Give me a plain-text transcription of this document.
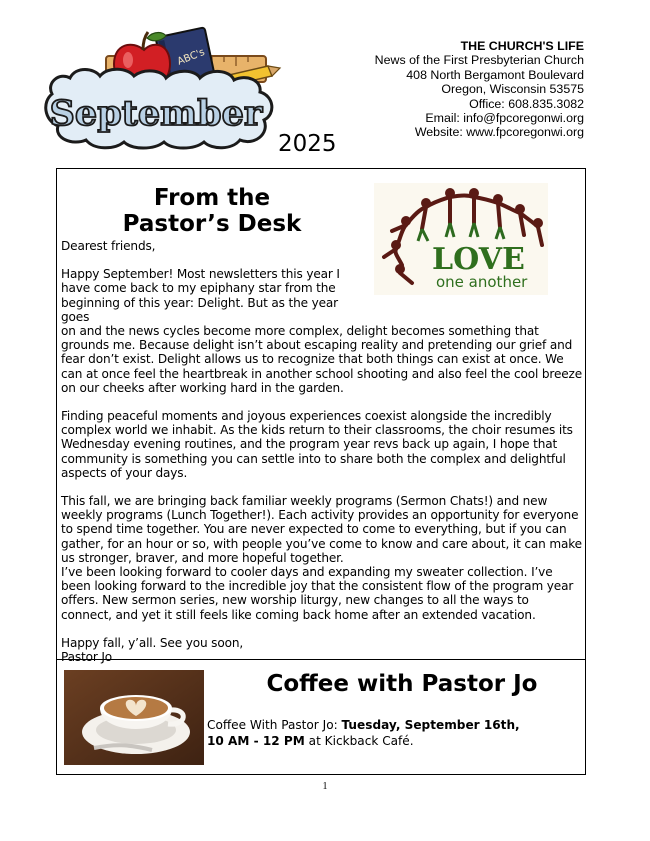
ABC's
September
2025
THE CHURCH'S LIFE
News of the First Presbyterian Church
408 North Bergamont Boulevard
Oregon, Wisconsin 53575
Office: 608.835.3082
Email: info@fpcoregonwi.org
Website: www.fpcoregonwi.org
From the
Pastor’s Desk
LOVE
one another

Dearest friends,

Happy September! Most newsletters this year I have come back to my epiphany star from the beginning of this year: Delight. But as the year goes

on and the news cycles become more complex, delight becomes something that grounds me. Because delight isn’t about escaping reality and pretending our grief and fear don’t exist. Delight allows us to recognize that both things can exist at once. We can at once feel the heartbreak in another school shooting and also feel the cool breeze on our cheeks after working hard in the garden.

Finding peaceful moments and joyous experiences coexist alongside the incredibly complex world we inhabit. As the kids return to their classrooms, the choir resumes its Wednesday evening routines, and the program year revs back up again, I hope that community is something you can settle into to share both the complex and delightful aspects of your days.

This fall, we are bringing back familiar weekly programs (Sermon Chats!) and new weekly programs (Lunch Together!). Each activity provides an opportunity for everyone to spend time together. You are never expected to come to everything, but if you can gather, for an hour or so, with people you’ve come to know and care about, it can make us stronger, braver, and more hopeful together.

I’ve been looking forward to cooler days and expanding my sweater collection. I’ve been looking forward to the incredible joy that the consistent flow of the program year offers. New sermon series, new worship liturgy, new changes to all the ways to connect, and yet it still feels like coming back home after an extended vacation.

Happy fall, y’all. See you soon,

Pastor Jo

Coffee with Pastor Jo
Coffee With Pastor Jo: Tuesday, September 16th,
10 AM - 12 PM at Kickback Café.
1
